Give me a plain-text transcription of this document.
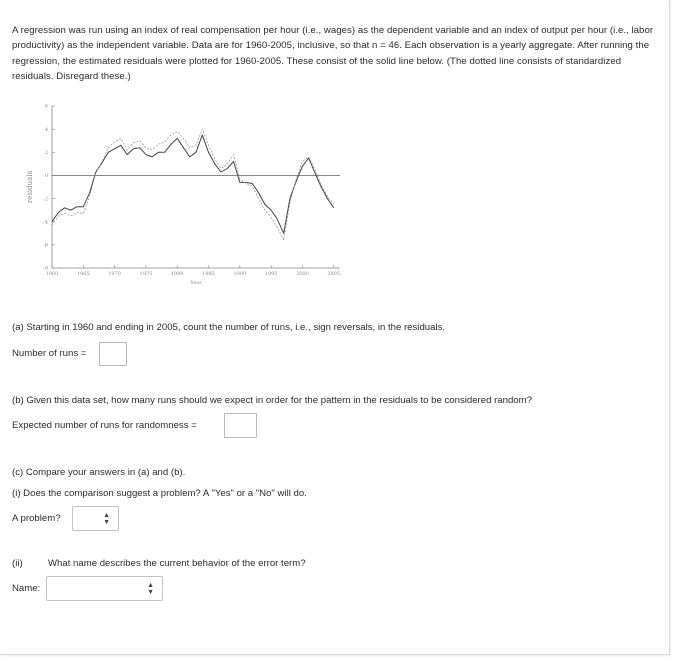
A regression was run using an index of real compensation per hour (i.e., wages) as the dependent variable and an index of output per hour (i.e., labor productivity) as the independent variable. Data are for 1960-2005, inclusive, so that n = 46. Each observation is a yearly aggregate. After running the regression, the estimated residuals were plotted for 1960-2005. These consist of the solid line below. (The dotted line consists of standardized residuals. Disregard these.)
6
4
2
0
-2
-4
-6
-8
1960	1965	1970	1975	1980	1985	1990	1995	2000	2005
Year
residuals
(a) Starting in 1960 and ending in 2005, count the number of runs, i.e., sign reversals, in the residuals.
Number of runs =
(b) Given this data set, how many runs should we expect in order for the pattern in the residuals to be considered random?
Expected number of runs for randomness =
(c) Compare your answers in (a) and (b).
(i) Does the comparison suggest a problem? A "Yes" or a "No" will do.
A problem?	▲
▼
(ii)	What name describes the current behavior of the error term?
Name:	▲
▼
